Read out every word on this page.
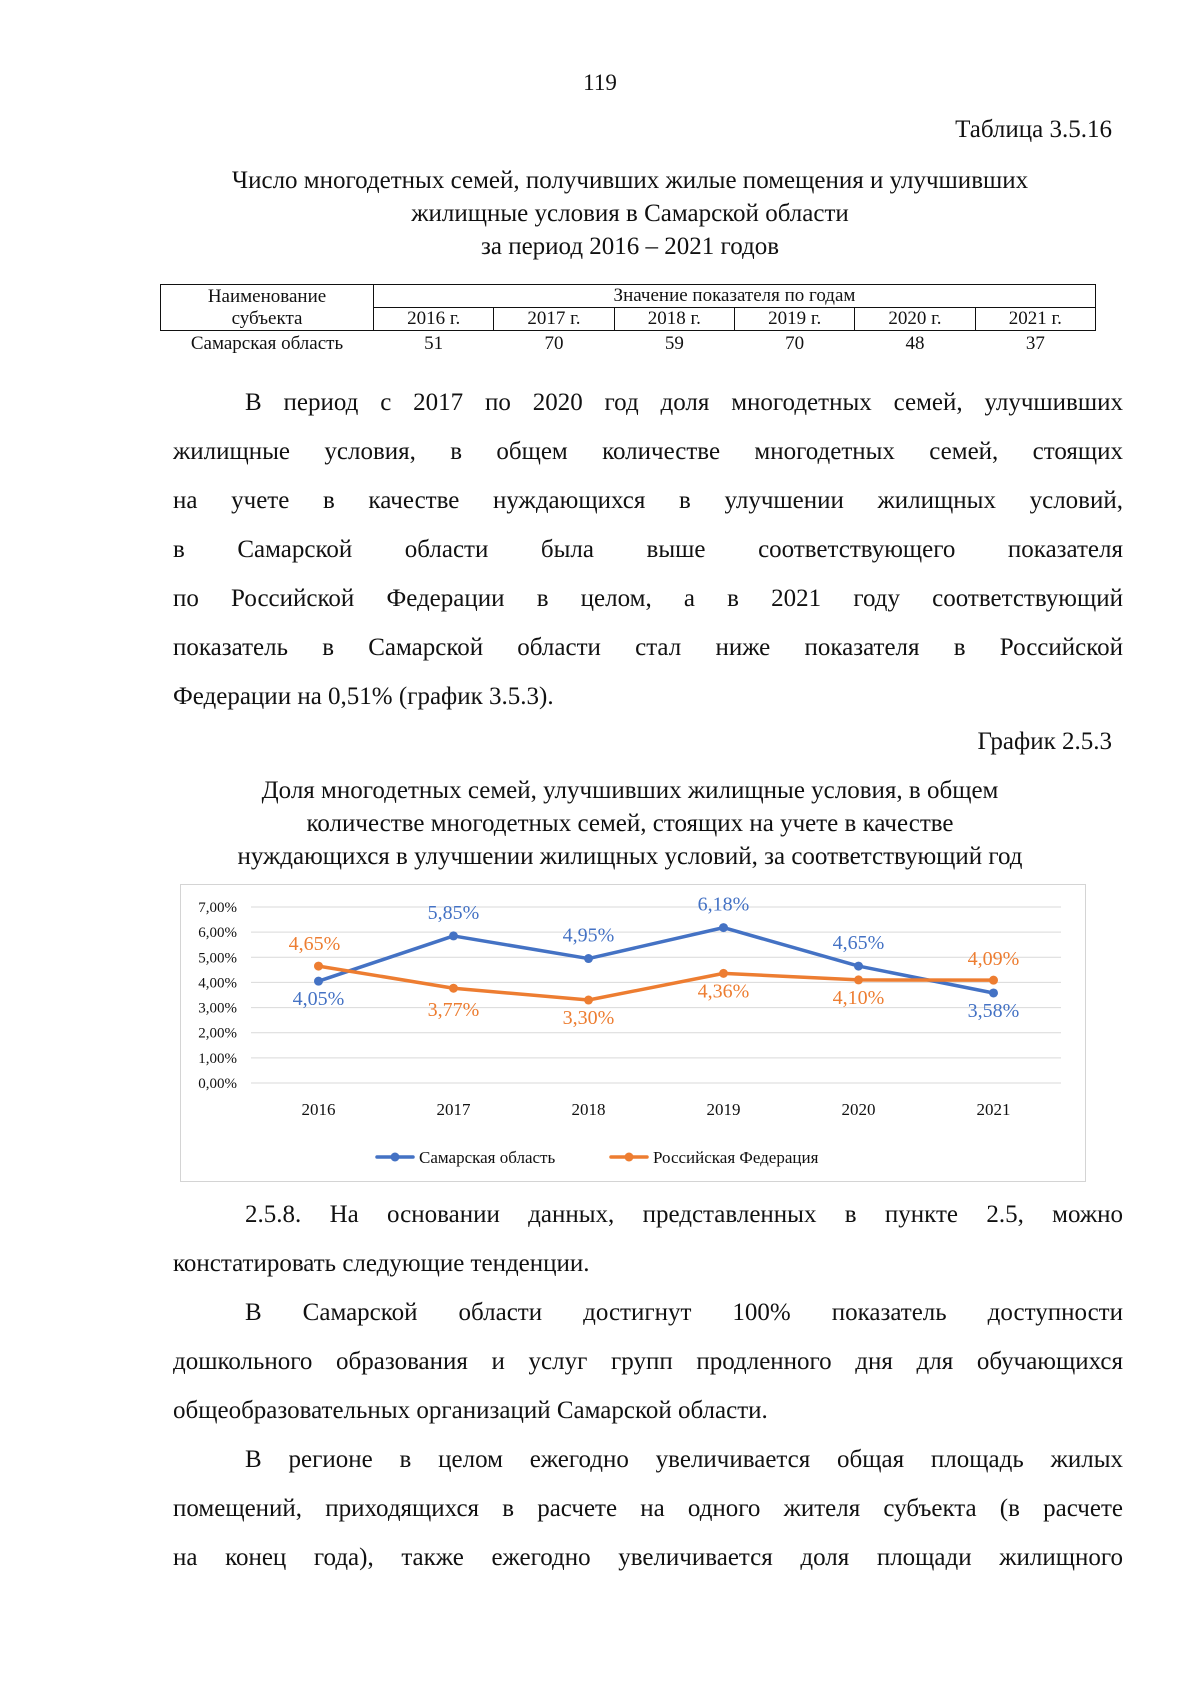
119
Таблица 3.5.16
Число многодетных семей, получивших жилые помещения и улучшивших
жилищные условия в Самарской области
за период 2016 – 2021 годов
Наименование
субъекта	Значение показателя по годам					
	2016 г.	2017 г.	2018 г.	2019 г.	2020 г.	2021 г.
Самарская область	51	70	59	70	48	37
В период с 2017 по 2020 год доля многодетных семей, улучшивших
жилищные условия, в общем количестве многодетных семей, стоящих
на учете в качестве нуждающихся в улучшении жилищных условий,
в Самарской области была выше соответствующего показателя
по Российской Федерации в целом, а в 2021 году соответствующий
показатель в Самарской области стал ниже показателя в Российской
Федерации на 0,51% (график 3.5.3).
График 2.5.3
Доля многодетных семей, улучшивших жилищные условия, в общем
количестве многодетных семей, стоящих на учете в качестве
нуждающихся в улучшении жилищных условий, за соответствующий год
0,00%
1,00%
2,00%
3,00%
4,00%
5,00%
6,00%
7,00%
2016	2017	2018	2019	2020	2021
4,05%
5,85%
4,95%
6,18%
4,65%
3,58%
4,65%
3,77%	3,30%
4,36%	4,10%
4,09%
Самарская область	Российская Федерация
2.5.8. На основании данных, представленных в пункте 2.5, можно
констатировать следующие тенденции.
В Самарской области достигнут 100% показатель доступности
дошкольного образования и услуг групп продленного дня для обучающихся
общеобразовательных организаций Самарской области.
В регионе в целом ежегодно увеличивается общая площадь жилых
помещений, приходящихся в расчете на одного жителя субъекта (в расчете
на конец года), также ежегодно увеличивается доля площади жилищного
